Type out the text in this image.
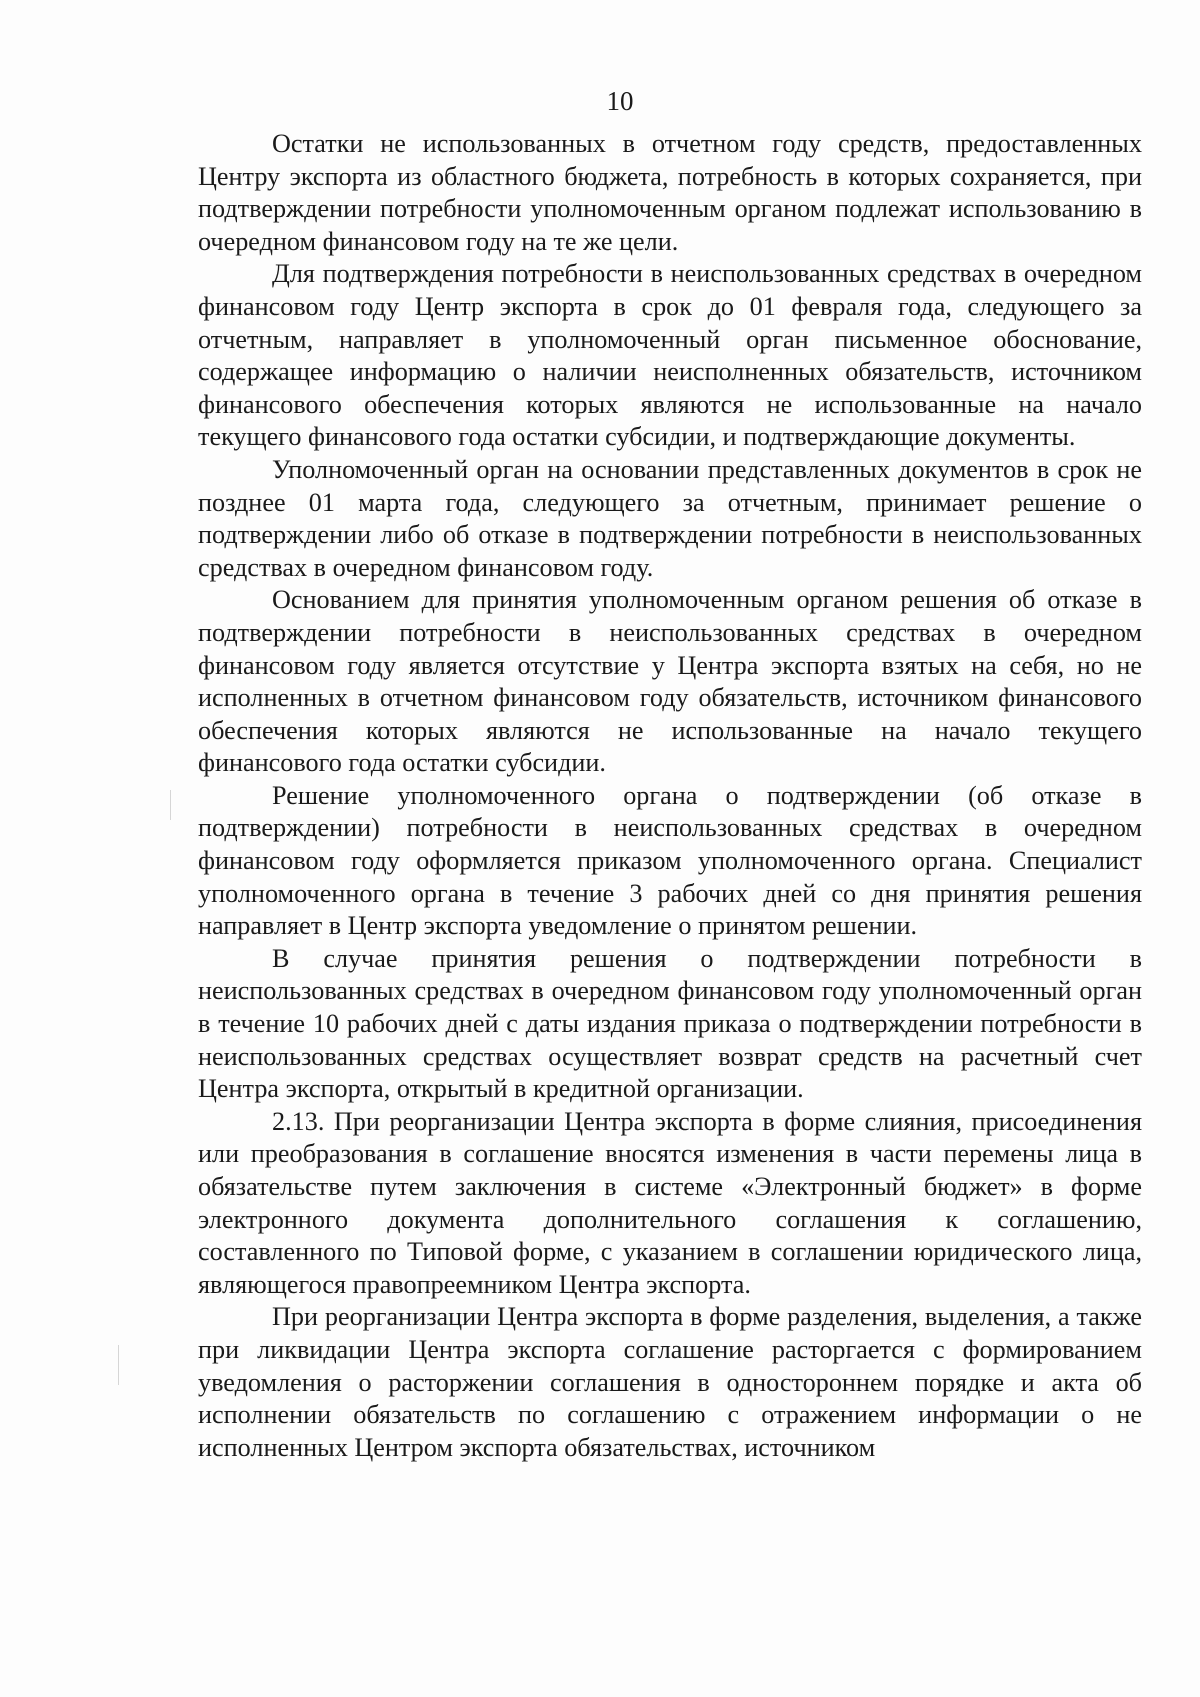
10

Остатки не использованных в отчетном году средств, предоставленных Центру экспорта из областного бюджета, потребность в которых сохраняется, при подтверждении потребности уполномоченным органом подлежат использованию в очередном финансовом году на те же цели.

Для подтверждения потребности в неиспользованных средствах в очередном финансовом году Центр экспорта в срок до 01 февраля года, следующего за отчетным, направляет в уполномоченный орган письменное обоснование, содержащее информацию о наличии неисполненных обязательств, источником финансового обеспечения которых являются не использованные на начало текущего финансового года остатки субсидии, и подтверждающие документы.

Уполномоченный орган на основании представленных документов в срок не позднее 01 марта года, следующего за отчетным, принимает решение о подтверждении либо об отказе в подтверждении потребности в неиспользованных средствах в очередном финансовом году.

Основанием для принятия уполномоченным органом решения об отказе в подтверждении потребности в неиспользованных средствах в очередном финансовом году является отсутствие у Центра экспорта взятых на себя, но не исполненных в отчетном финансовом году обязательств, источником финансового обеспечения которых являются не использованные на начало текущего финансового года остатки субсидии.

Решение уполномоченного органа о подтверждении (об отказе в подтверждении) потребности в неиспользованных средствах в очередном финансовом году оформляется приказом уполномоченного органа. Специалист уполномоченного органа в течение 3 рабочих дней со дня принятия решения направляет в Центр экспорта уведомление о принятом решении.

В случае принятия решения о подтверждении потребности в неиспользованных средствах в очередном финансовом году уполномоченный орган в течение 10 рабочих дней с даты издания приказа о подтверждении потребности в неиспользованных средствах осуществляет возврат средств на расчетный счет Центра экспорта, открытый в кредитной организации.

2.13. При реорганизации Центра экспорта в форме слияния, присоединения или преобразования в соглашение вносятся изменения в части перемены лица в обязательстве путем заключения в системе «Электронный бюджет» в форме электронного документа дополнительного соглашения к соглашению, составленного по Типовой форме, с указанием в соглашении юридического лица, являющегося правопреемником Центра экспорта.

При реорганизации Центра экспорта в форме разделения, выделения, а также при ликвидации Центра экспорта соглашение расторгается с формированием уведомления о расторжении соглашения в одностороннем порядке и акта об исполнении обязательств по соглашению с отражением информации о не исполненных Центром экспорта обязательствах, источником
